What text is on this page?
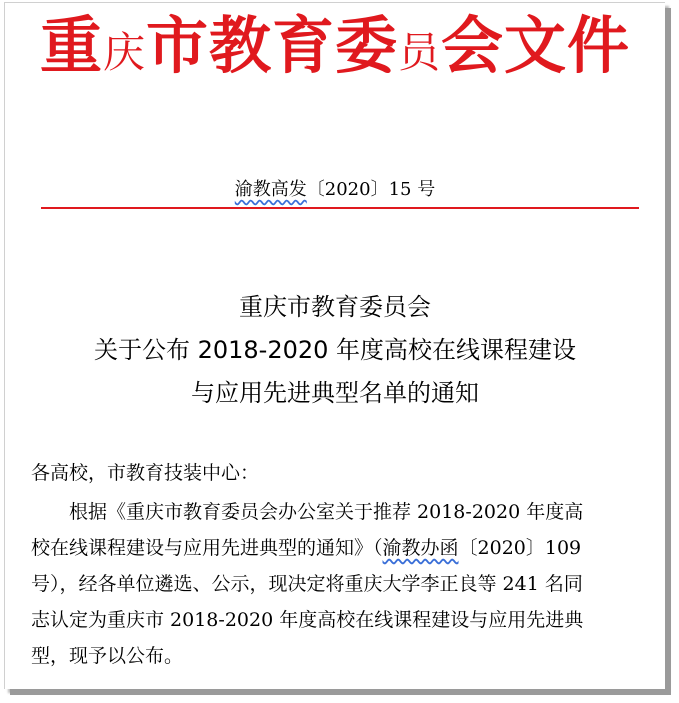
重庆市教育委员会文件
渝教高发〔2020〕15 号
重庆市教育委员会
关于公布 2018-2020 年度高校在线课程建设
与应用先进典型名单的通知
各高校，市教育技装中心：
根据《重庆市教育委员会办公室关于推荐 2018-2020 年度高
校在线课程建设与应用先进典型的通知》（渝教办函〔2020〕109
号），经各单位遴选、公示，现决定将重庆大学李正良等 241 名同
志认定为重庆市 2018-2020 年度高校在线课程建设与应用先进典
型，现予以公布。
